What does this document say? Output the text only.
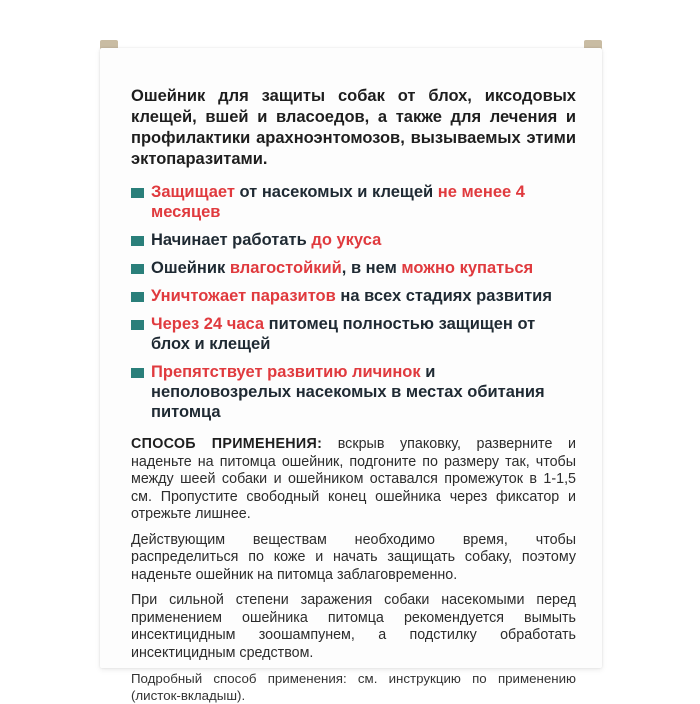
Ошейник для защиты собак от блох, иксодовых клещей, вшей и власоедов, а также для лечения и профилактики арахноэнтомозов, вызываемых этими эктопаразитами.

Защищает от насекомых и клещей не менее 4 месяцев
Начинает работать до укуса
Ошейник влагостойкий, в нем можно купаться
Уничтожает паразитов на всех стадиях развития
Через 24 часа питомец полностью защищен от блох и клещей
Препятствует развитию личинок и неполовозрелых насекомых в местах обитания питомца

СПОСОБ ПРИМЕНЕНИЯ: вскрыв упаковку, разверните и наденьте на питомца ошейник, подгоните по размеру так, чтобы между шеей собаки и ошейником оставался промежуток в 1-1,5 см. Пропустите свободный конец ошейника через фиксатор и отрежьте лишнее.

Действующим веществам необходимо время, чтобы распределиться по коже и начать защищать собаку, поэтому наденьте ошейник на питомца заблаговременно.

При сильной степени заражения собаки насекомыми перед применением ошейника питомца рекомендуется вымыть инсектицидным зоошампунем, а подстилку обработать инсектицидным средством.

Подробный способ применения: см. инструкцию по применению (листок-вкладыш).
